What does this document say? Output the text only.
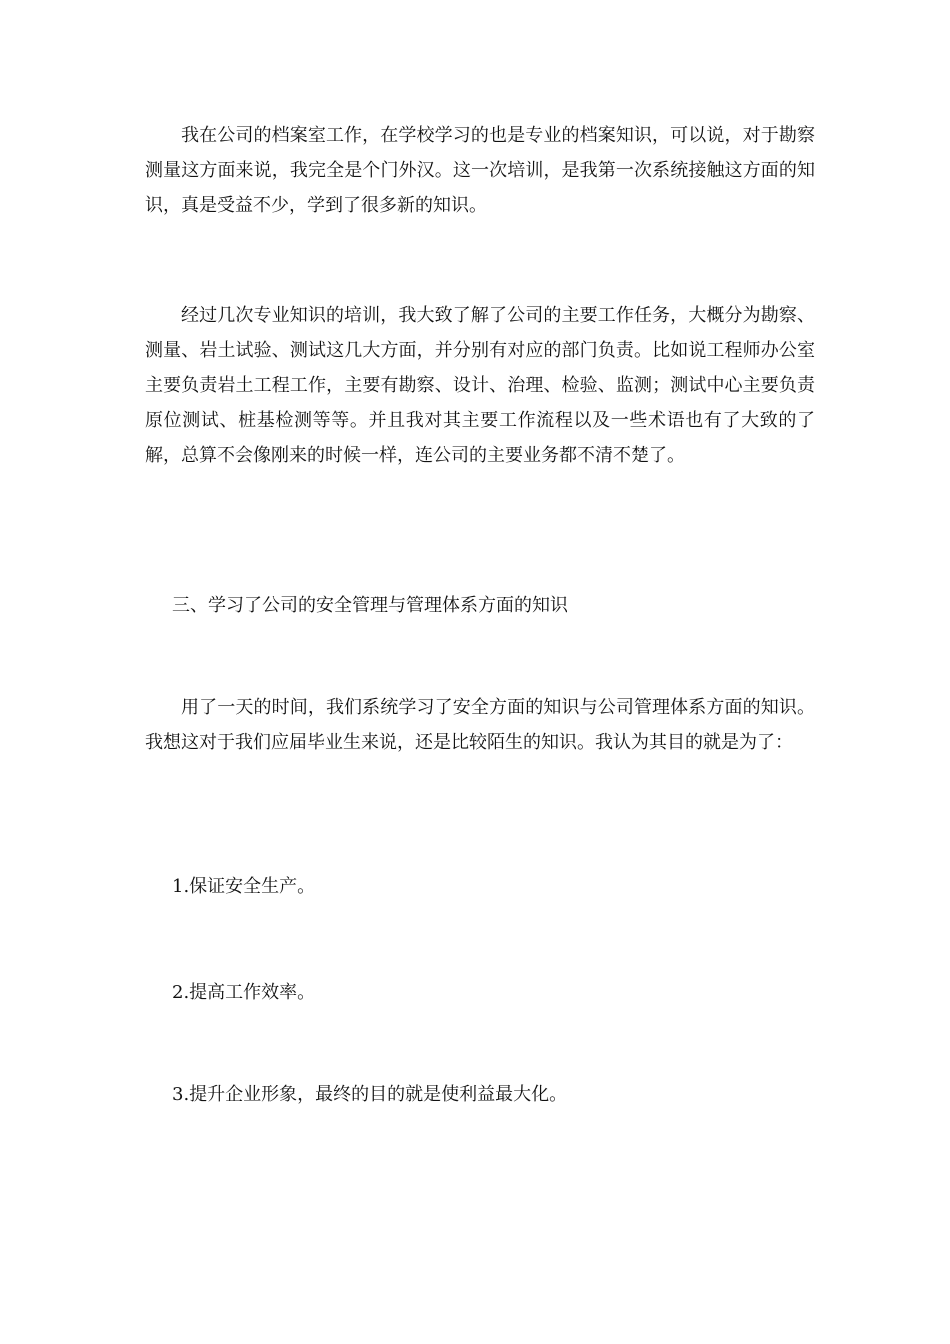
我在公司的档案室工作，在学校学习的也是专业的档案知识，可以说，对于勘察测量这方面来说，我完全是个门外汉。这一次培训，是我第一次系统接触这方面的知识，真是受益不少，学到了很多新的知识。

经过几次专业知识的培训，我大致了解了公司的主要工作任务，大概分为勘察、测量、岩土试验、测试这几大方面，并分别有对应的部门负责。比如说工程师办公室主要负责岩土工程工作，主要有勘察、设计、治理、检验、监测；测试中心主要负责原位测试、桩基检测等等。并且我对其主要工作流程以及一些术语也有了大致的了解，总算不会像刚来的时候一样，连公司的主要业务都不清不楚了。

三、学习了公司的安全管理与管理体系方面的知识

用了一天的时间，我们系统学习了安全方面的知识与公司管理体系方面的知识。我想这对于我们应届毕业生来说，还是比较陌生的知识。我认为其目的就是为了：

1.保证安全生产。

2.提高工作效率。

3.提升企业形象，最终的目的就是使利益最大化。
